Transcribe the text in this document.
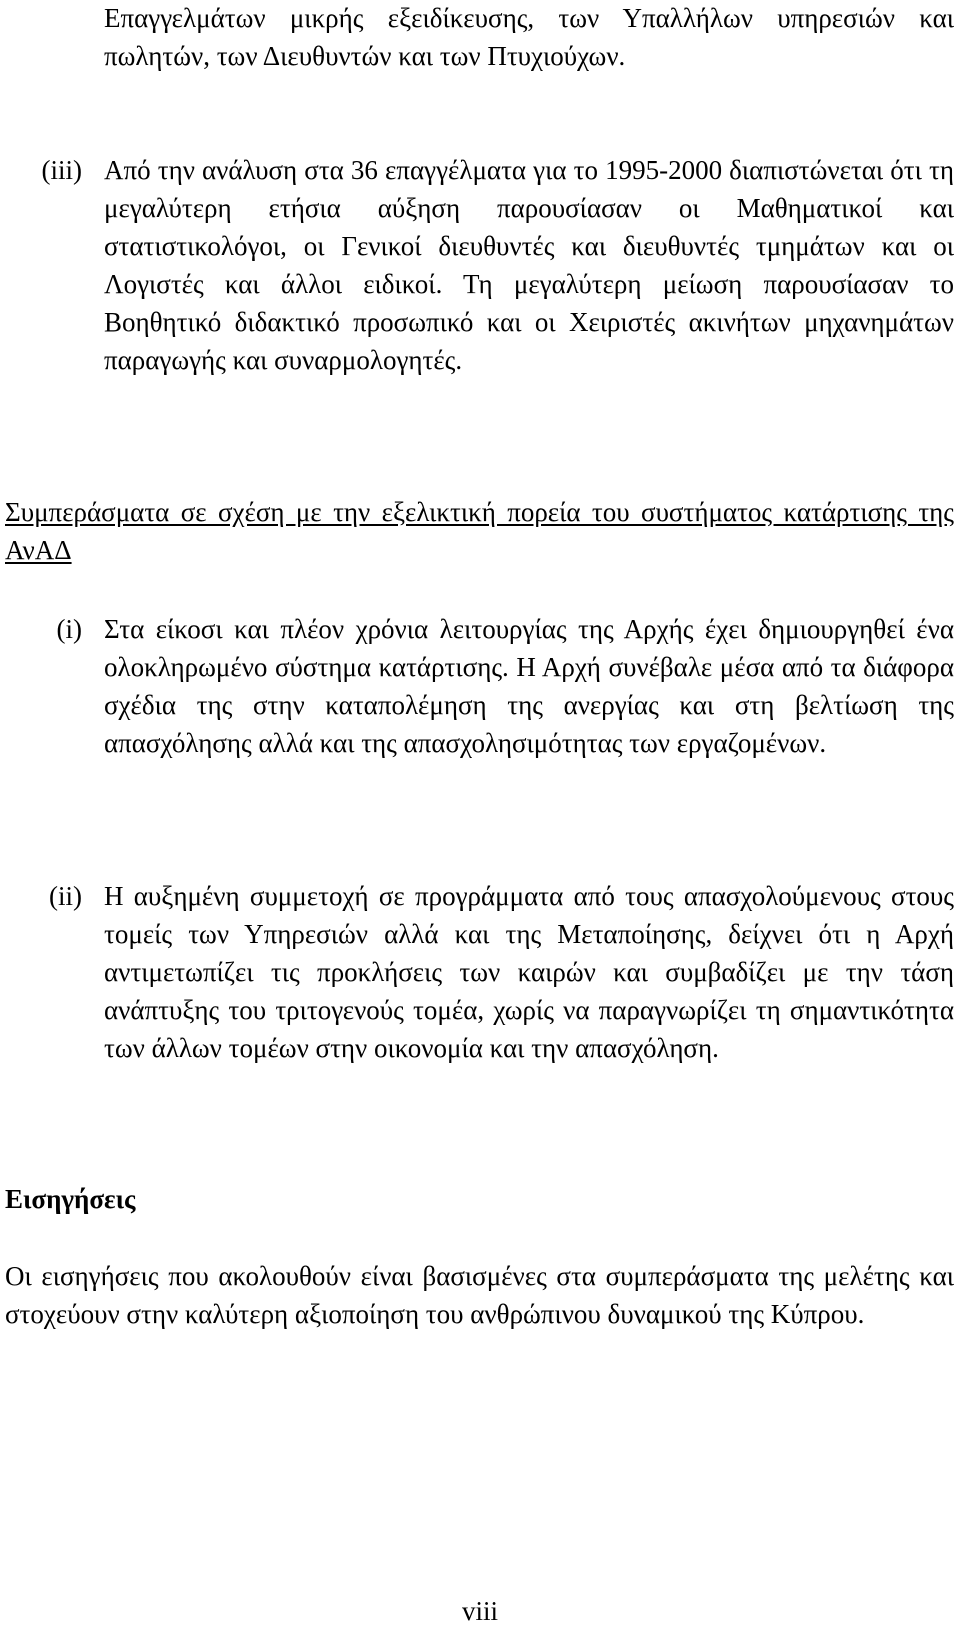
Επαγγελμάτων μικρής εξειδίκευσης, των Υπαλλήλων υπηρεσιών και πωλητών, των Διευθυντών και των Πτυχιούχων.
(iii) Από την ανάλυση στα 36 επαγγέλματα για το 1995-2000 διαπιστώνεται ότι τη μεγαλύτερη ετήσια αύξηση παρουσίασαν οι Μαθηματικοί και στατιστικολόγοι, οι Γενικοί διευθυντές και διευθυντές τμημάτων και οι Λογιστές και άλλοι ειδικοί. Τη μεγαλύτερη μείωση παρουσίασαν το Βοηθητικό διδακτικό προσωπικό και οι Χειριστές ακινήτων μηχανημάτων παραγωγής και συναρμολογητές.
Συμπεράσματα σε σχέση με την εξελικτική πορεία του συστήματος κατάρτισης της ΑνΑΔ
(i) Στα είκοσι και πλέον χρόνια λειτουργίας της Αρχής έχει δημιουργηθεί ένα ολοκληρωμένο σύστημα κατάρτισης. Η Αρχή συνέβαλε μέσα από τα διάφορα σχέδια της στην καταπολέμηση της ανεργίας και στη βελτίωση της απασχόλησης αλλά και της απασχολησιμότητας των εργαζομένων.
(ii) Η αυξημένη συμμετοχή σε προγράμματα από τους απασχολούμενους στους τομείς των Υπηρεσιών αλλά και της Μεταποίησης, δείχνει ότι η Αρχή αντιμετωπίζει τις προκλήσεις των καιρών και συμβαδίζει με την τάση ανάπτυξης του τριτογενούς τομέα, χωρίς να παραγνωρίζει τη σημαντικότητα των άλλων τομέων στην οικονομία και την απασχόληση.
Εισηγήσεις
Οι εισηγήσεις που ακολουθούν είναι βασισμένες στα συμπεράσματα της μελέτης και στοχεύουν στην καλύτερη αξιοποίηση του ανθρώπινου δυναμικού της Κύπρου.
viii
